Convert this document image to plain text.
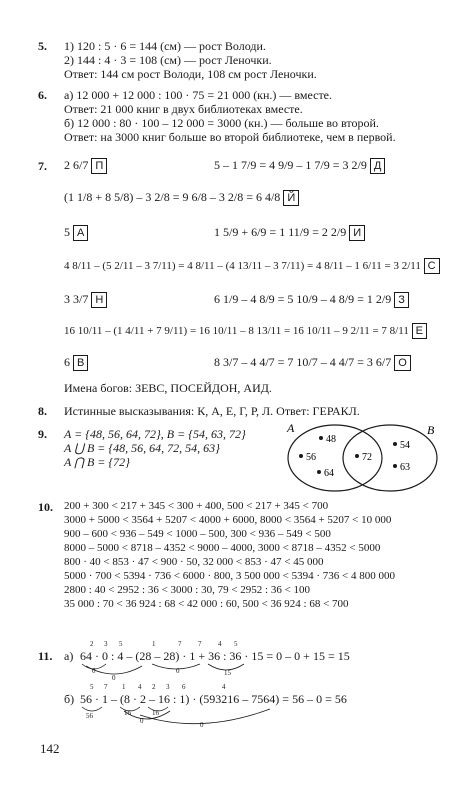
5. 1) 120 : 5 · 6 = 144 (см) — рост Володи.
2) 144 : 4 · 3 = 108 (см) — рост Леночки.
Ответ: 144 см рост Володи, 108 см рост Леночки.
6. а) 12 000 + 12 000 : 100 · 75 = 21 000 (кн.) — вместе.
Ответ: 21 000 книг в двух библиотеках вместе.
б) 12 000 : 80 · 100 – 12 000 = 3000 (кн.) — больше во второй.
Ответ: на 3000 книг больше во второй библиотеке, чем в первой.
7. 2 6/7 П	5 – 1 7/9 = 4 9/9 – 1 7/9 = 3 2/9 Д
(1 1/8 + 8 5/8) – 3 2/8 = 9 6/8 – 3 2/8 = 6 4/8 Й
5 А	1 5/9 + 6/9 = 1 11/9 = 2 2/9 И
4 8/11 – (5 2/11 – 3 7/11) = 4 8/11 – (4 13/11 – 3 7/11) = 4 8/11 – 1 6/11 = 3 2/11 С
3 3/7 Н	6 1/9 – 4 8/9 = 5 10/9 – 4 8/9 = 1 2/9 З
16 10/11 – (1 4/11 + 7 9/11) = 16 10/11 – 8 13/11 = 16 10/11 – 9 2/11 = 7 8/11 Е
6 В	8 3/7 – 4 4/7 = 7 10/7 – 4 4/7 = 3 6/7 О
Имена богов: ЗЕВС, ПОСЕЙДОН, АИД.
8. Истинные высказывания: К, А, Е, Г, Р, Л. Ответ: ГЕРАКЛ.
9. A = {48, 56, 64, 72}, B = {54, 63, 72}
A ⋃ B = {48, 56, 64, 72, 54, 63}
A ⋂ B = {72}
A	B
48
56
64
72
54
63
10. 200 + 300 < 217 + 345 < 300 + 400, 500 < 217 + 345 < 700
3000 + 5000 < 3564 + 5207 < 4000 + 6000, 8000 < 3564 + 5207 < 10 000
900 – 600 < 936 – 549 < 1000 – 500, 300 < 936 – 549 < 500
8000 – 5000 < 8718 – 4352 < 9000 – 4000, 3000 < 8718 – 4352 < 5000
800 · 40 < 853 · 47 < 900 · 50, 32 000 < 853 · 47 < 45 000
5000 · 700 < 5394 · 736 < 6000 · 800, 3 500 000 < 5394 · 736 < 4 800 000
2800 : 40 < 2952 : 36 < 3000 : 30, 79 < 2952 : 36 < 100
35 000 : 70 < 36 924 : 68 < 42 000 : 60, 500 < 36 924 : 68 < 700
11. а) 64 · 0 : 4 – (28 – 28) · 1 + 36 : 36 · 15 = 0 – 0 + 15 = 15
2 3 5	1	7 7 4 5
0
0
0	15
б) 56 · 1 – (8 · 2 – 16 : 1) · (593216 – 7564) = 56 – 0 = 56
5 7 1 4 2 3 6	4
56	16	16
0	0
142
